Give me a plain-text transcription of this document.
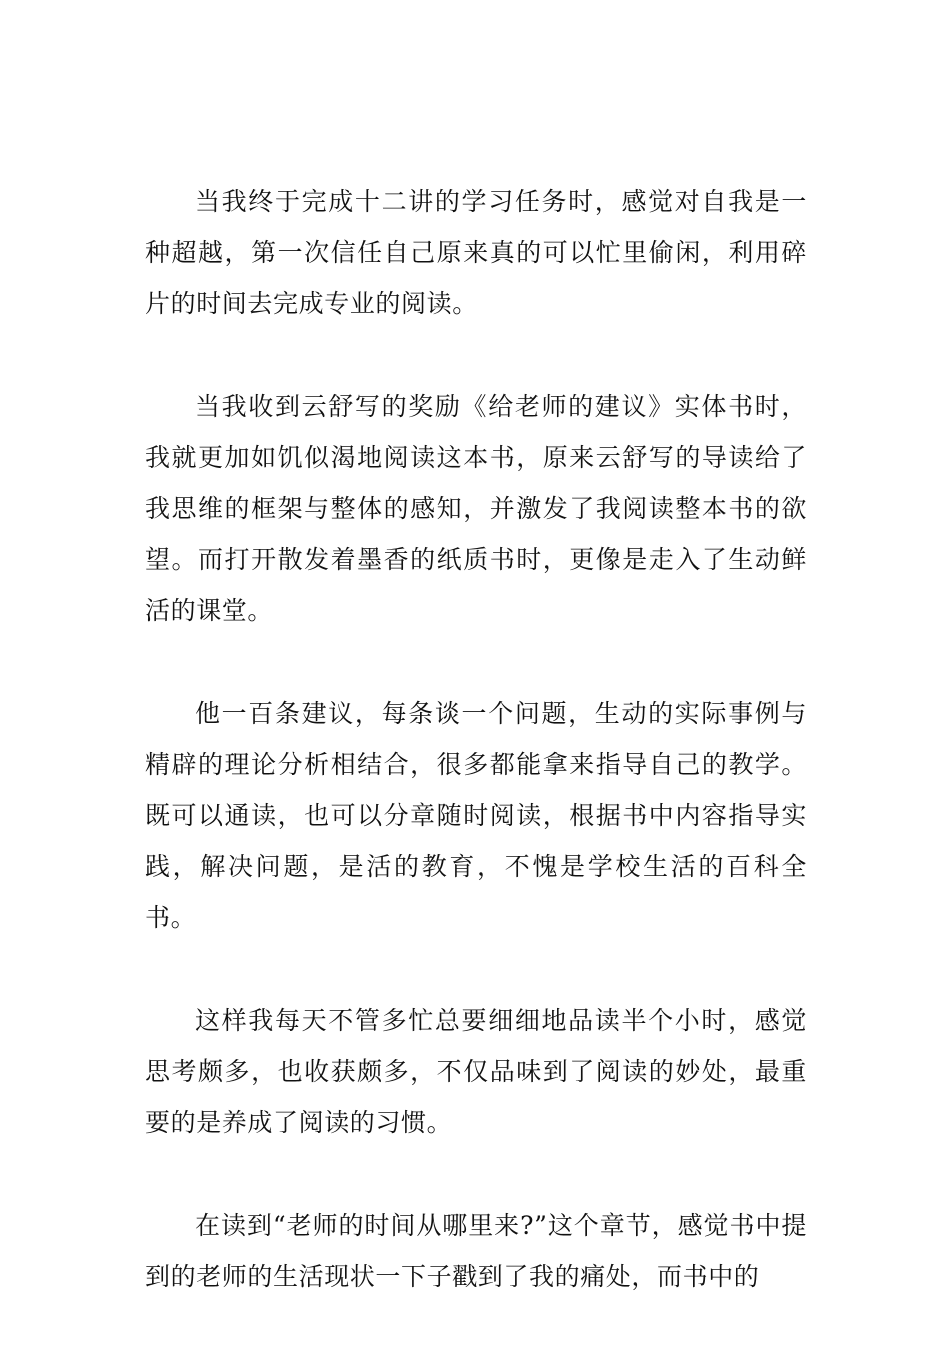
当我终于完成十二讲的学习任务时，感觉对自我是一种超越，第一次信任自己原来真的可以忙里偷闲，利用碎片的时间去完成专业的阅读。

当我收到云舒写的奖励《给老师的建议》实体书时，我就更加如饥似渴地阅读这本书，原来云舒写的导读给了我思维的框架与整体的感知，并激发了我阅读整本书的欲望。而打开散发着墨香的纸质书时，更像是走入了生动鲜活的课堂。

他一百条建议，每条谈一个问题，生动的实际事例与精辟的理论分析相结合，很多都能拿来指导自己的教学。既可以通读，也可以分章随时阅读，根据书中内容指导实践，解决问题，是活的教育，不愧是学校生活的百科全书。

这样我每天不管多忙总要细细地品读半个小时，感觉思考颇多，也收获颇多，不仅品味到了阅读的妙处，最重要的是养成了阅读的习惯。

在读到“老师的时间从哪里来?”这个章节，感觉书中提到的老师的生活现状一下子戳到了我的痛处，而书中的
